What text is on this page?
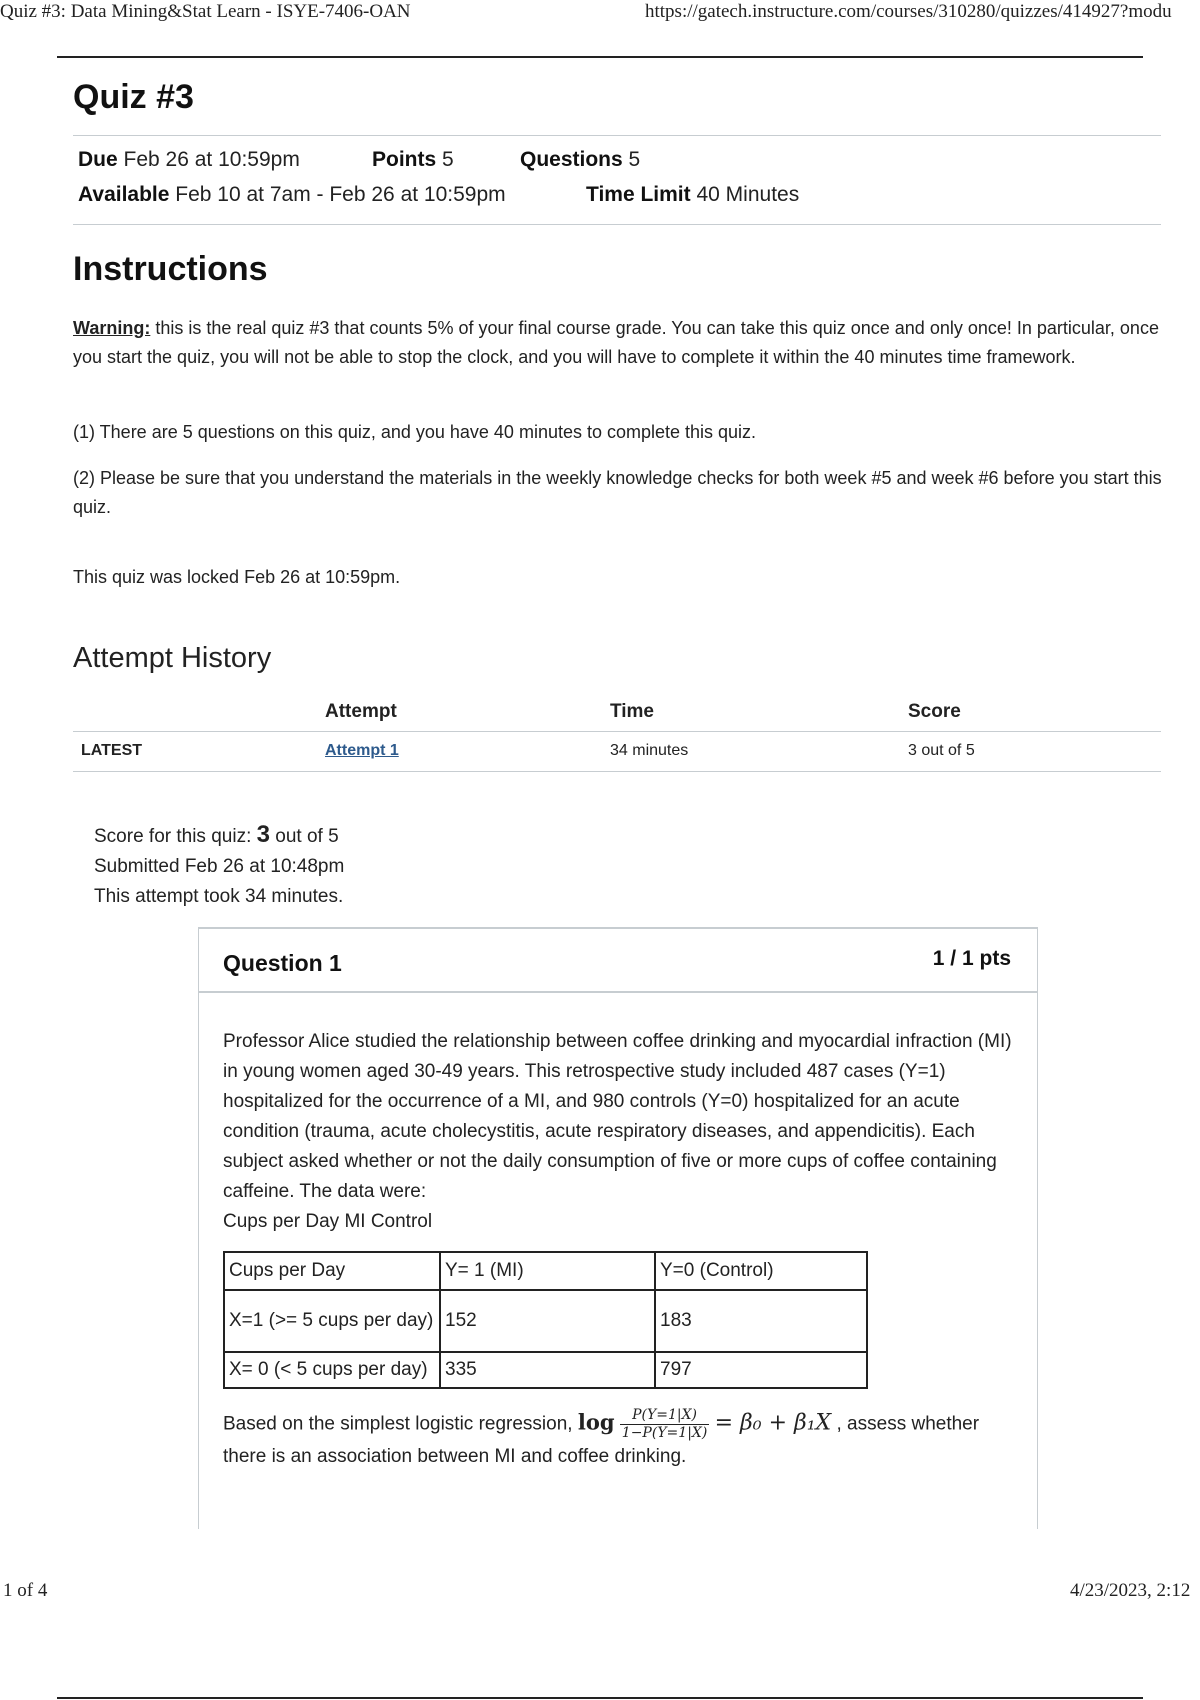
Quiz #3: Data Mining&Stat Learn - ISYE-7406-OAN	https://gatech.instructure.com/courses/310280/quizzes/414927?modu
Quiz #3
Due Feb 26 at 10:59pm	Points 5	Questions 5
Available Feb 10 at 7am - Feb 26 at 10:59pm	Time Limit 40 Minutes
Instructions
Warning: this is the real quiz #3 that counts 5% of your final course grade. You can take this quiz once and only once! In particular, once you start the quiz, you will not be able to stop the clock, and you will have to complete it within the 40 minutes time framework.
(1) There are 5 questions on this quiz, and you have 40 minutes to complete this quiz.
(2) Please be sure that you understand the materials in the weekly knowledge checks for both week #5 and week #6 before you start this quiz.
This quiz was locked Feb 26 at 10:59pm.
Attempt History
	Attempt	Time	Score
LATEST	Attempt 1	34 minutes	3 out of 5
Score for this quiz: 3 out of 5
Submitted Feb 26 at 10:48pm
This attempt took 34 minutes.
Question 1	1 / 1 pts
Professor Alice studied the relationship between coffee drinking and myocardial infraction (MI) in young women aged 30-49 years. This retrospective study included 487 cases (Y=1) hospitalized for the occurrence of a MI, and 980 controls (Y=0) hospitalized for an acute condition (trauma, acute cholecystitis, acute respiratory diseases, and appendicitis). Each subject asked whether or not the daily consumption of five or more cups of coffee containing caffeine. The data were:
Cups per Day MI Control
Cups per Day	Y= 1 (MI)	Y=0 (Control)
X=1 (>= 5 cups per day)	152	183
X= 0 (< 5 cups per day)	335	797
Based on the simplest logistic regression, $\log \frac{P(Y=1|X)}{1-P(Y=1|X)} = \beta_0 + \beta_1X$ , assess whether there is an association between MI and coffee drinking.
1 of 4	4/23/2023, 2:12
